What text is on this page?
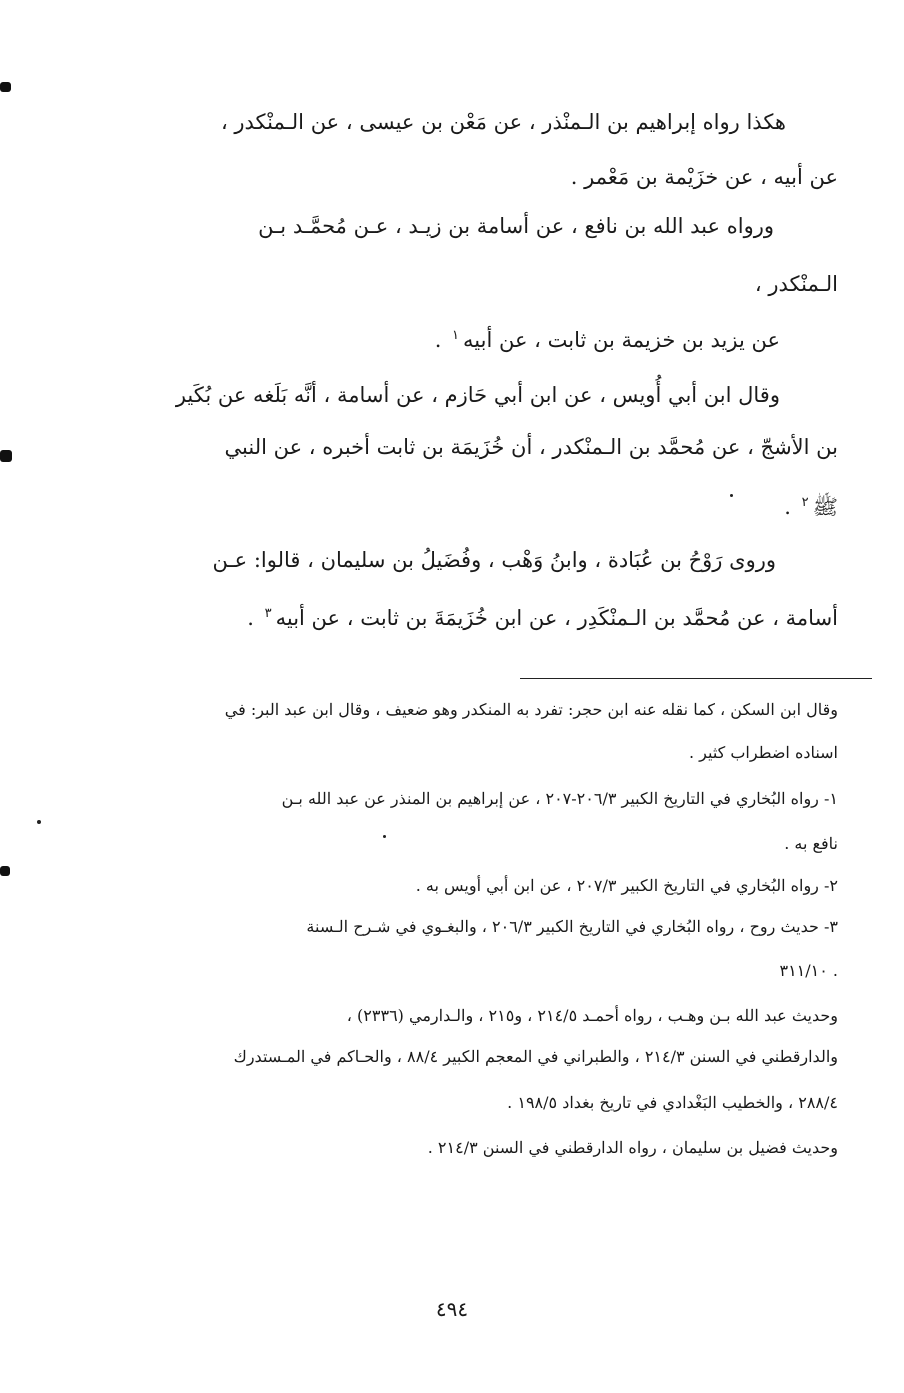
هكذا رواه إبراهيم بن الـمنْذر ، عن مَعْن بن عيسى ، عن الـمنْكدر ،
عن أبيه ، عن خزَيْمة بن مَعْمر .
ورواه عبد الله بن نافع ، عن أسامة بن زيـد ، عـن مُحمَّـد بـن
الـمنْكدر ،
عن يزيد بن خزيمة بن ثابت ، عن أبيه$^١$ .
وقال ابن أبي أُويس ، عن ابن أبي حَازم ، عن أسامة ، أنَّه بَلَغه عن بُكَير
بن الأشجّ ، عن مُحمَّد بن الـمنْكدر ، أن خُزَيمَة بن ثابت أخبره ، عن النبي
ﷺ$^٢$ .
وروى رَوْحُ بن عُبَادة ، وابنُ وَهْب ، وفُضَيلُ بن سليمان ، قالوا: عـن
أسامة ، عن مُحمَّد بن الـمنْكَدِر ، عن ابن خُزَيمَةَ بن ثابت ، عن أبيه$^٣$ .
وقال ابن السكن ، كما نقله عنه ابن حجر: تفرد به المنكدر وهو ضعيف ، وقال ابن عبد البر: في
اسناده اضطراب كثير .
١- رواه البُخاري في التاريخ الكبير ٢٠٦/٣-٢٠٧ ، عن إبراهيم بن المنذر عن عبد الله بـن
نافع به .
٢- رواه البُخاري في التاريخ الكبير ٢٠٧/٣ ، عن ابن أبي أويس به .
٣- حديث روح ، رواه البُخاري في التاريخ الكبير ٢٠٦/٣ ، والبغـوي في شـرح الـسنة
٣١١/١٠ .
وحديث عبد الله بـن وهـب ، رواه أحمـد ٢١٤/٥ ، و٢١٥ ، والـدارمي (٢٣٣٦) ،
والدارقطني في السنن ٢١٤/٣ ، والطبراني في المعجم الكبير ٨٨/٤ ، والحـاكم في المـستدرك
٢٨٨/٤ ، والخطيب البَغْدادي في تاريخ بغداد ١٩٨/٥ .
وحديث فضيل بن سليمان ، رواه الدارقطني في السنن ٢١٤/٣ .
٤٩٤
